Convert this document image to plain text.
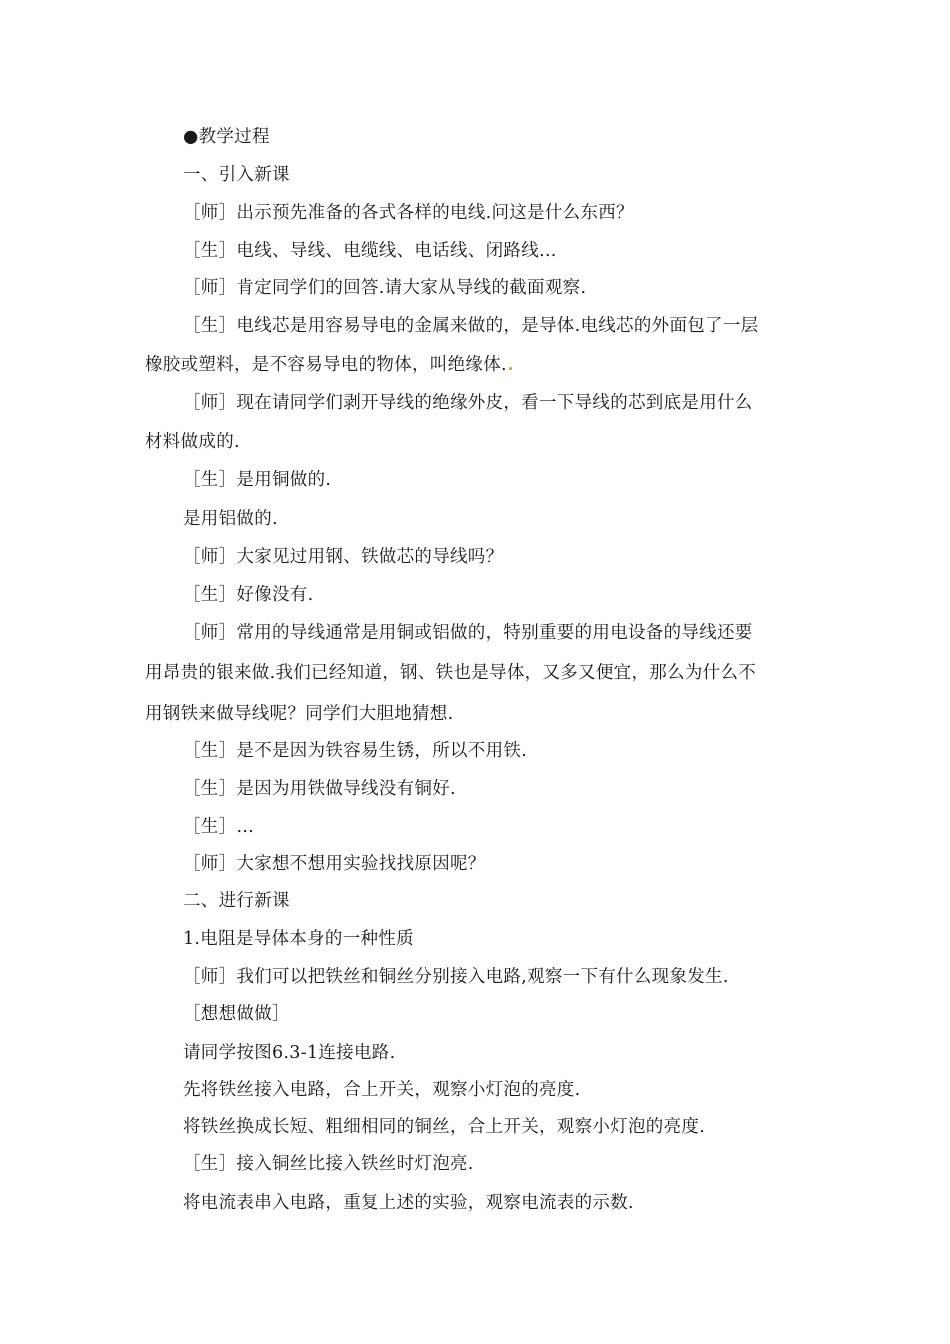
●教学过程
一、引入新课
［师］出示预先准备的各式各样的电线.问这是什么东西？
［生］电线、导线、电缆线、电话线、闭路线…
［师］肯定同学们的回答.请大家从导线的截面观察.
［生］电线芯是用容易导电的金属来做的，是导体.电线芯的外面包了一层
橡胶或塑料，是不容易导电的物体，叫绝缘体.
［师］现在请同学们剥开导线的绝缘外皮，看一下导线的芯到底是用什么
材料做成的.
［生］是用铜做的.
是用铝做的.
［师］大家见过用钢、铁做芯的导线吗？
［生］好像没有.
［师］常用的导线通常是用铜或铝做的，特别重要的用电设备的导线还要
用昂贵的银来做.我们已经知道，钢、铁也是导体，又多又便宜，那么为什么不
用钢铁来做导线呢？同学们大胆地猜想.
［生］是不是因为铁容易生锈，所以不用铁.
［生］是因为用铁做导线没有铜好.
［生］…
［师］大家想不想用实验找找原因呢？
二、进行新课
1.电阻是导体本身的一种性质
［师］我们可以把铁丝和铜丝分别接入电路,观察一下有什么现象发生.
［想想做做］
请同学按图6.3-1连接电路.
先将铁丝接入电路，合上开关，观察小灯泡的亮度.
将铁丝换成长短、粗细相同的铜丝，合上开关，观察小灯泡的亮度.
［生］接入铜丝比接入铁丝时灯泡亮.
将电流表串入电路，重复上述的实验，观察电流表的示数.
